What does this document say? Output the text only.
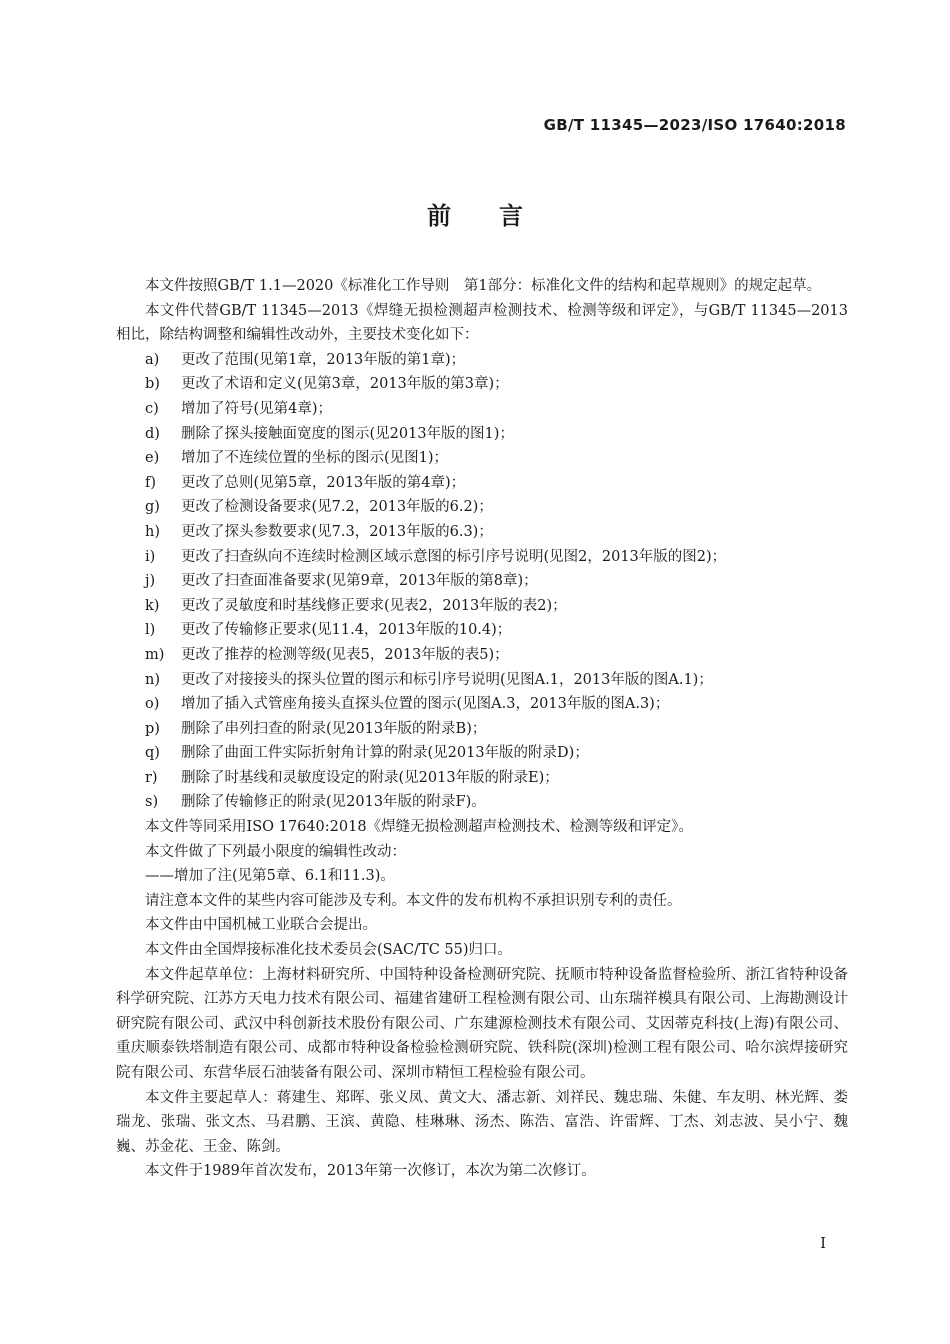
GB/T 11345—2023/ISO 17640:2018
前言

本文件按照GB/T 1.1—2020《标准化工作导则　第1部分：标准化文件的结构和起草规则》的规定起草。

本文件代替GB/T 11345—2013《焊缝无损检测超声检测技术、检测等级和评定》，与GB/T 11345—2013相比，除结构调整和编辑性改动外，主要技术变化如下：

a) 更改了范围(见第1章，2013年版的第1章)；

b) 更改了术语和定义(见第3章，2013年版的第3章)；

c) 增加了符号(见第4章)；

d) 删除了探头接触面宽度的图示(见2013年版的图1)；

e) 增加了不连续位置的坐标的图示(见图1)；

f) 更改了总则(见第5章，2013年版的第4章)；

g) 更改了检测设备要求(见7.2，2013年版的6.2)；

h) 更改了探头参数要求(见7.3，2013年版的6.3)；

i) 更改了扫查纵向不连续时检测区域示意图的标引序号说明(见图2，2013年版的图2)；

j) 更改了扫查面准备要求(见第9章，2013年版的第8章)；

k) 更改了灵敏度和时基线修正要求(见表2，2013年版的表2)；

l) 更改了传输修正要求(见11.4，2013年版的10.4)；

m) 更改了推荐的检测等级(见表5，2013年版的表5)；

n) 更改了对接接头的探头位置的图示和标引序号说明(见图A.1，2013年版的图A.1)；

o) 增加了插入式管座角接头直探头位置的图示(见图A.3，2013年版的图A.3)；

p) 删除了串列扫查的附录(见2013年版的附录B)；

q) 删除了曲面工件实际折射角计算的附录(见2013年版的附录D)；

r) 删除了时基线和灵敏度设定的附录(见2013年版的附录E)；

s) 删除了传输修正的附录(见2013年版的附录F)。

本文件等同采用ISO 17640:2018《焊缝无损检测超声检测技术、检测等级和评定》。

本文件做了下列最小限度的编辑性改动：

——增加了注(见第5章、6.1和11.3)。

请注意本文件的某些内容可能涉及专利。本文件的发布机构不承担识别专利的责任。

本文件由中国机械工业联合会提出。

本文件由全国焊接标准化技术委员会(SAC/TC 55)归口。

本文件起草单位：上海材料研究所、中国特种设备检测研究院、抚顺市特种设备监督检验所、浙江省特种设备科学研究院、江苏方天电力技术有限公司、福建省建研工程检测有限公司、山东瑞祥模具有限公司、上海勘测设计研究院有限公司、武汉中科创新技术股份有限公司、广东建源检测技术有限公司、艾因蒂克科技(上海)有限公司、重庆顺泰铁塔制造有限公司、成都市特种设备检验检测研究院、铁科院(深圳)检测工程有限公司、哈尔滨焊接研究院有限公司、东营华辰石油装备有限公司、深圳市精恒工程检验有限公司。

本文件主要起草人：蒋建生、郑晖、张义凤、黄文大、潘志新、刘祥民、魏忠瑞、朱健、车友明、林光辉、娄瑞龙、张瑞、张文杰、马君鹏、王滨、黄隐、桂琳琳、汤杰、陈浩、富浩、许雷辉、丁杰、刘志波、吴小宁、魏巍、苏金花、王金、陈剑。

本文件于1989年首次发布，2013年第一次修订，本次为第二次修订。

I
